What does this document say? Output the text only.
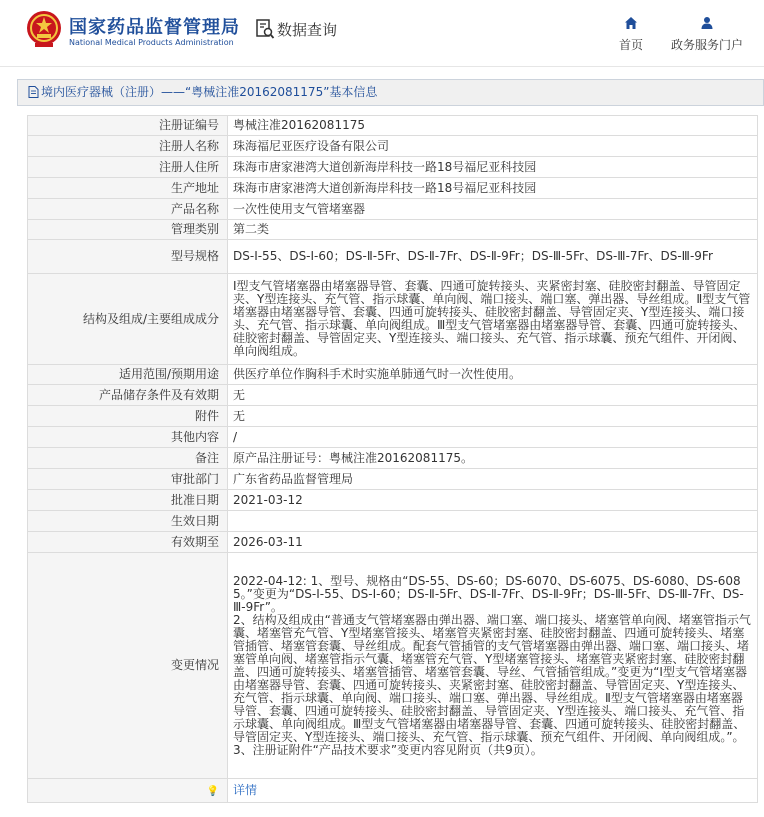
国家药品监督管理局
National Medical Products Administration
数据查询
首页	政务服务门户
境内医疗器械（注册）——“粤械注准20162081175”基本信息
注册证编号	粤械注准20162081175
注册人名称	珠海福尼亚医疗设备有限公司
注册人住所	珠海市唐家港湾大道创新海岸科技一路18号福尼亚科技园
生产地址	珠海市唐家港湾大道创新海岸科技一路18号福尼亚科技园
产品名称	一次性使用支气管堵塞器
管理类别	第二类
型号规格	DS-Ⅰ-55、DS-Ⅰ-60；DS-Ⅱ-5Fr、DS-Ⅱ-7Fr、DS-Ⅱ-9Fr；DS-Ⅲ-5Fr、DS-Ⅲ-7Fr、DS-Ⅲ-9Fr
结构及组成/主要组成成分	Ⅰ型支气管堵塞器由堵塞器导管、套囊、四通可旋转接头、夹紧密封塞、硅胶密封翻盖、导管固定夹、Y型连接头、充气管、指示球囊、单向阀、端口接头、端口塞、弹出器、导丝组成。Ⅱ型支气管堵塞器由堵塞器导管、套囊、四通可旋转接头、硅胶密封翻盖、导管固定夹、Y型连接头、端口接头、充气管、指示球囊、单向阀组成。Ⅲ型支气管堵塞器由堵塞器导管、套囊、四通可旋转接头、硅胶密封翻盖、导管固定夹、Y型连接头、端口接头、充气管、指示球囊、预充气组件、开闭阀、单向阀组成。
适用范围/预期用途	供医疗单位作胸科手术时实施单肺通气时一次性使用。
产品储存条件及有效期	无
附件	无
其他内容	/
备注	原产品注册证号：粤械注准20162081175。
审批部门	广东省药品监督管理局
批准日期	2021-03-12
生效日期	
有效期至	2026-03-11
变更情况	2022-04-12: 1、型号、规格由“DS-55、DS-60；DS-6070、DS-6075、DS-6080、DS-6085。”变更为“DS-Ⅰ-55、DS-Ⅰ-60；DS-Ⅱ-5Fr、DS-Ⅱ-7Fr、DS-Ⅱ-9Fr；DS-Ⅲ-5Fr、DS-Ⅲ-7Fr、DS-Ⅲ-9Fr”。
2、结构及组成由“普通支气管堵塞器由弹出器、端口塞、端口接头、堵塞管单向阀、堵塞管指示气囊、堵塞管充气管、Y型堵塞管接头、堵塞管夹紧密封塞、硅胶密封翻盖、四通可旋转接头、堵塞管插管、堵塞管套囊、导丝组成。配套气管插管的支气管堵塞器由弹出器、端口塞、端口接头、堵塞管单向阀、堵塞管指示气囊、堵塞管充气管、Y型堵塞管接头、堵塞管夹紧密封塞、硅胶密封翻盖、四通可旋转接头、堵塞管插管、堵塞管套囊、导丝、气管插管组成。”变更为“Ⅰ型支气管堵塞器由堵塞器导管、套囊、四通可旋转接头、夹紧密封塞、硅胶密封翻盖、导管固定夹、Y型连接头、充气管、指示球囊、单向阀、端口接头、端口塞、弹出器、导丝组成。Ⅱ型支气管堵塞器由堵塞器导管、套囊、四通可旋转接头、硅胶密封翻盖、导管固定夹、Y型连接头、端口接头、充气管、指示球囊、单向阀组成。Ⅲ型支气管堵塞器由堵塞器导管、套囊、四通可旋转接头、硅胶密封翻盖、导管固定夹、Y型连接头、端口接头、充气管、指示球囊、预充气组件、开闭阀、单向阀组成。”。
3、注册证附件“产品技术要求”变更内容见附页（共9页）。

💡	详情
